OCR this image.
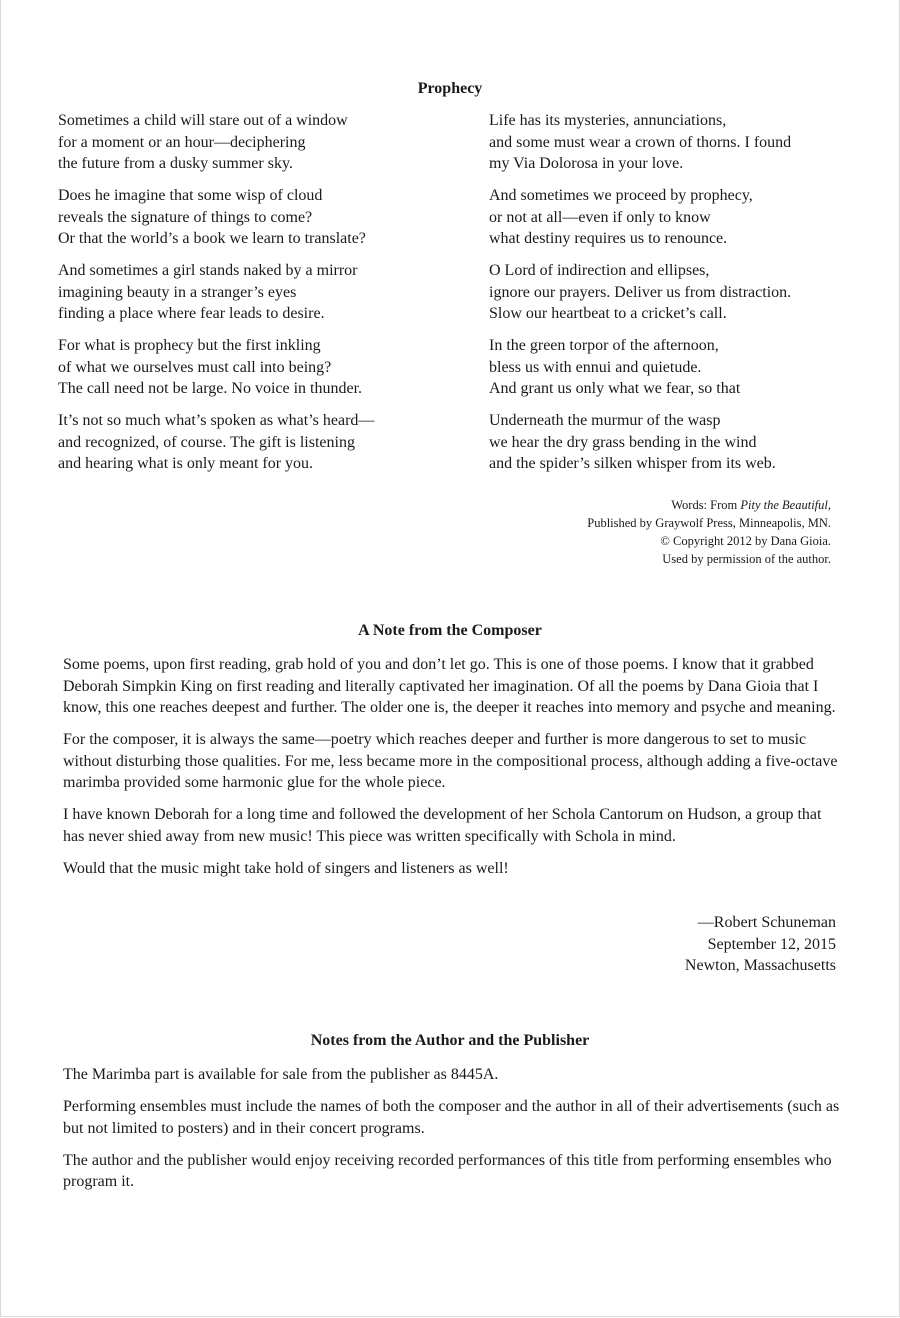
Prophecy
Sometimes a child will stare out of a window
for a moment or an hour—deciphering
the future from a dusky summer sky.
Does he imagine that some wisp of cloud
reveals the signature of things to come?
Or that the world’s a book we learn to translate?
And sometimes a girl stands naked by a mirror
imagining beauty in a stranger’s eyes
finding a place where fear leads to desire.
For what is prophecy but the first inkling
of what we ourselves must call into being?
The call need not be large. No voice in thunder.
It’s not so much what’s spoken as what’s heard—
and recognized, of course. The gift is listening
and hearing what is only meant for you.
Life has its mysteries, annunciations,
and some must wear a crown of thorns. I found
my Via Dolorosa in your love.
And sometimes we proceed by prophecy,
or not at all—even if only to know
what destiny requires us to renounce.
O Lord of indirection and ellipses,
ignore our prayers. Deliver us from distraction.
Slow our heartbeat to a cricket’s call.
In the green torpor of the afternoon,
bless us with ennui and quietude.
And grant us only what we fear, so that
Underneath the murmur of the wasp
we hear the dry grass bending in the wind
and the spider’s silken whisper from its web.
Words: From Pity the Beautiful,
Published by Graywolf Press, Minneapolis, MN.
© Copyright 2012 by Dana Gioia.
Used by permission of the author.
A Note from the Composer

Some poems, upon first reading, grab hold of you and don’t let go. This is one of those poems. I know that it grabbed Deborah Simpkin King on first reading and literally captivated her imagination. Of all the poems by Dana Gioia that I know, this one reaches deepest and further. The older one is, the deeper it reaches into memory and psyche and meaning.

For the composer, it is always the same—poetry which reaches deeper and further is more dangerous to set to music without disturbing those qualities. For me, less became more in the compositional process, although adding a five-octave marimba provided some harmonic glue for the whole piece.

I have known Deborah for a long time and followed the development of her Schola Cantorum on Hudson, a group that has never shied away from new music! This piece was written specifically with Schola in mind.

Would that the music might take hold of singers and listeners as well!

—Robert Schuneman
September 12, 2015
Newton, Massachusetts
Notes from the Author and the Publisher

The Marimba part is available for sale from the publisher as 8445A.

Performing ensembles must include the names of both the composer and the author in all of their advertisements (such as but not limited to posters) and in their concert programs.

The author and the publisher would enjoy receiving recorded performances of this title from performing ensembles who program it.
